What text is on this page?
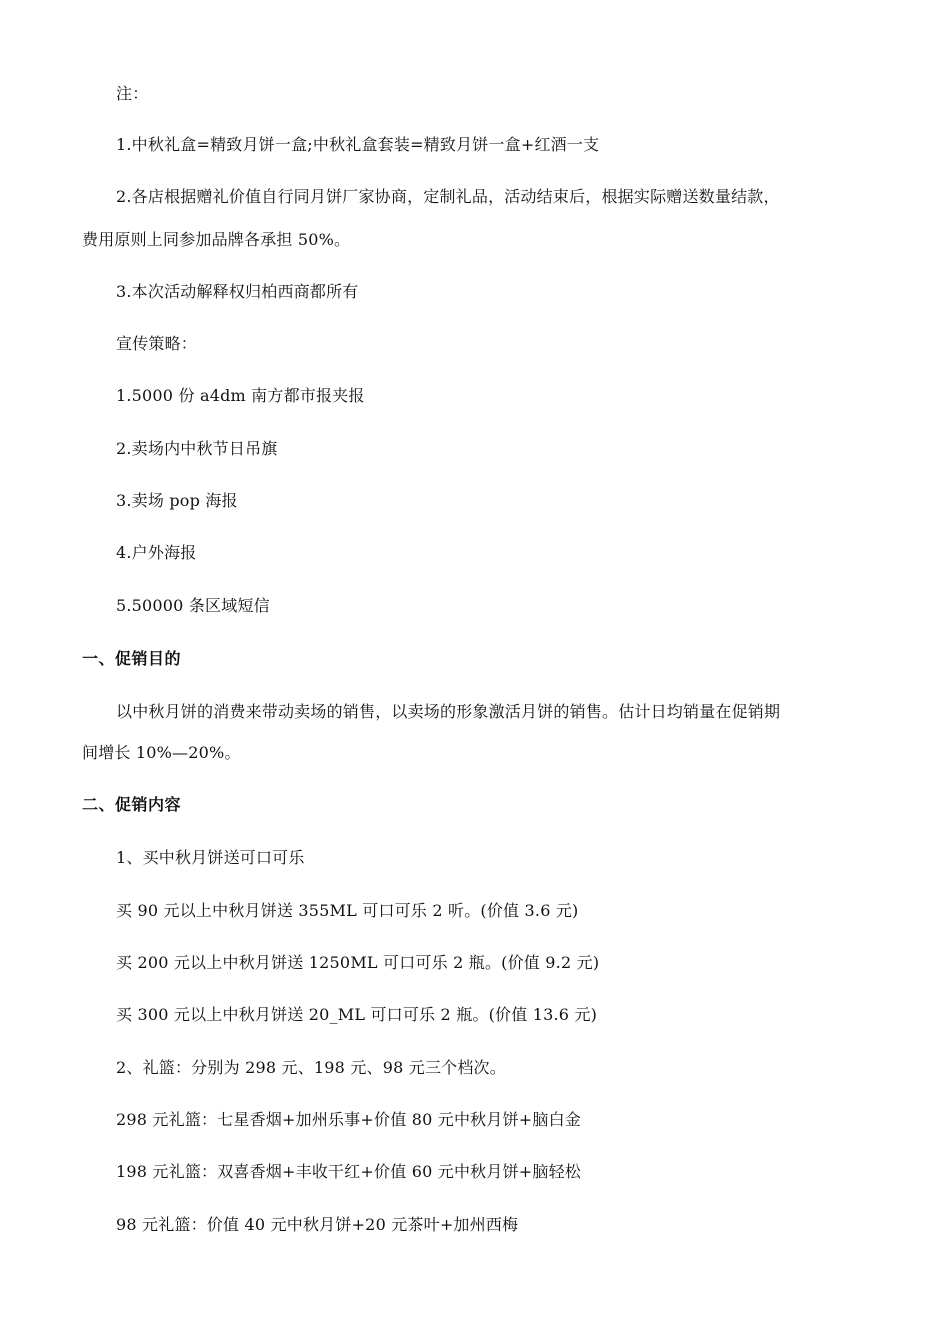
注：
1.中秋礼盒=精致月饼一盒;中秋礼盒套装=精致月饼一盒+红酒一支
2.各店根据赠礼价值自行同月饼厂家协商，定制礼品，活动结束后，根据实际赠送数量结款，
费用原则上同参加品牌各承担 50%。
3.本次活动解释权归柏西商都所有
宣传策略：
1.5000 份 a4dm 南方都市报夹报
2.卖场内中秋节日吊旗
3.卖场 pop 海报
4.户外海报
5.50000 条区域短信
一、促销目的
以中秋月饼的消费来带动卖场的销售，以卖场的形象激活月饼的销售。估计日均销量在促销期
间增长 10%—20%。
二、促销内容
1、买中秋月饼送可口可乐
买 90 元以上中秋月饼送 355ML 可口可乐 2 听。(价值 3.6 元)
买 200 元以上中秋月饼送 1250ML 可口可乐 2 瓶。(价值 9.2 元)
买 300 元以上中秋月饼送 20_ML 可口可乐 2 瓶。(价值 13.6 元)
2、礼篮：分别为 298 元、198 元、98 元三个档次。
298 元礼篮：七星香烟+加州乐事+价值 80 元中秋月饼+脑白金
198 元礼篮：双喜香烟+丰收干红+价值 60 元中秋月饼+脑轻松
98 元礼篮：价值 40 元中秋月饼+20 元茶叶+加州西梅
